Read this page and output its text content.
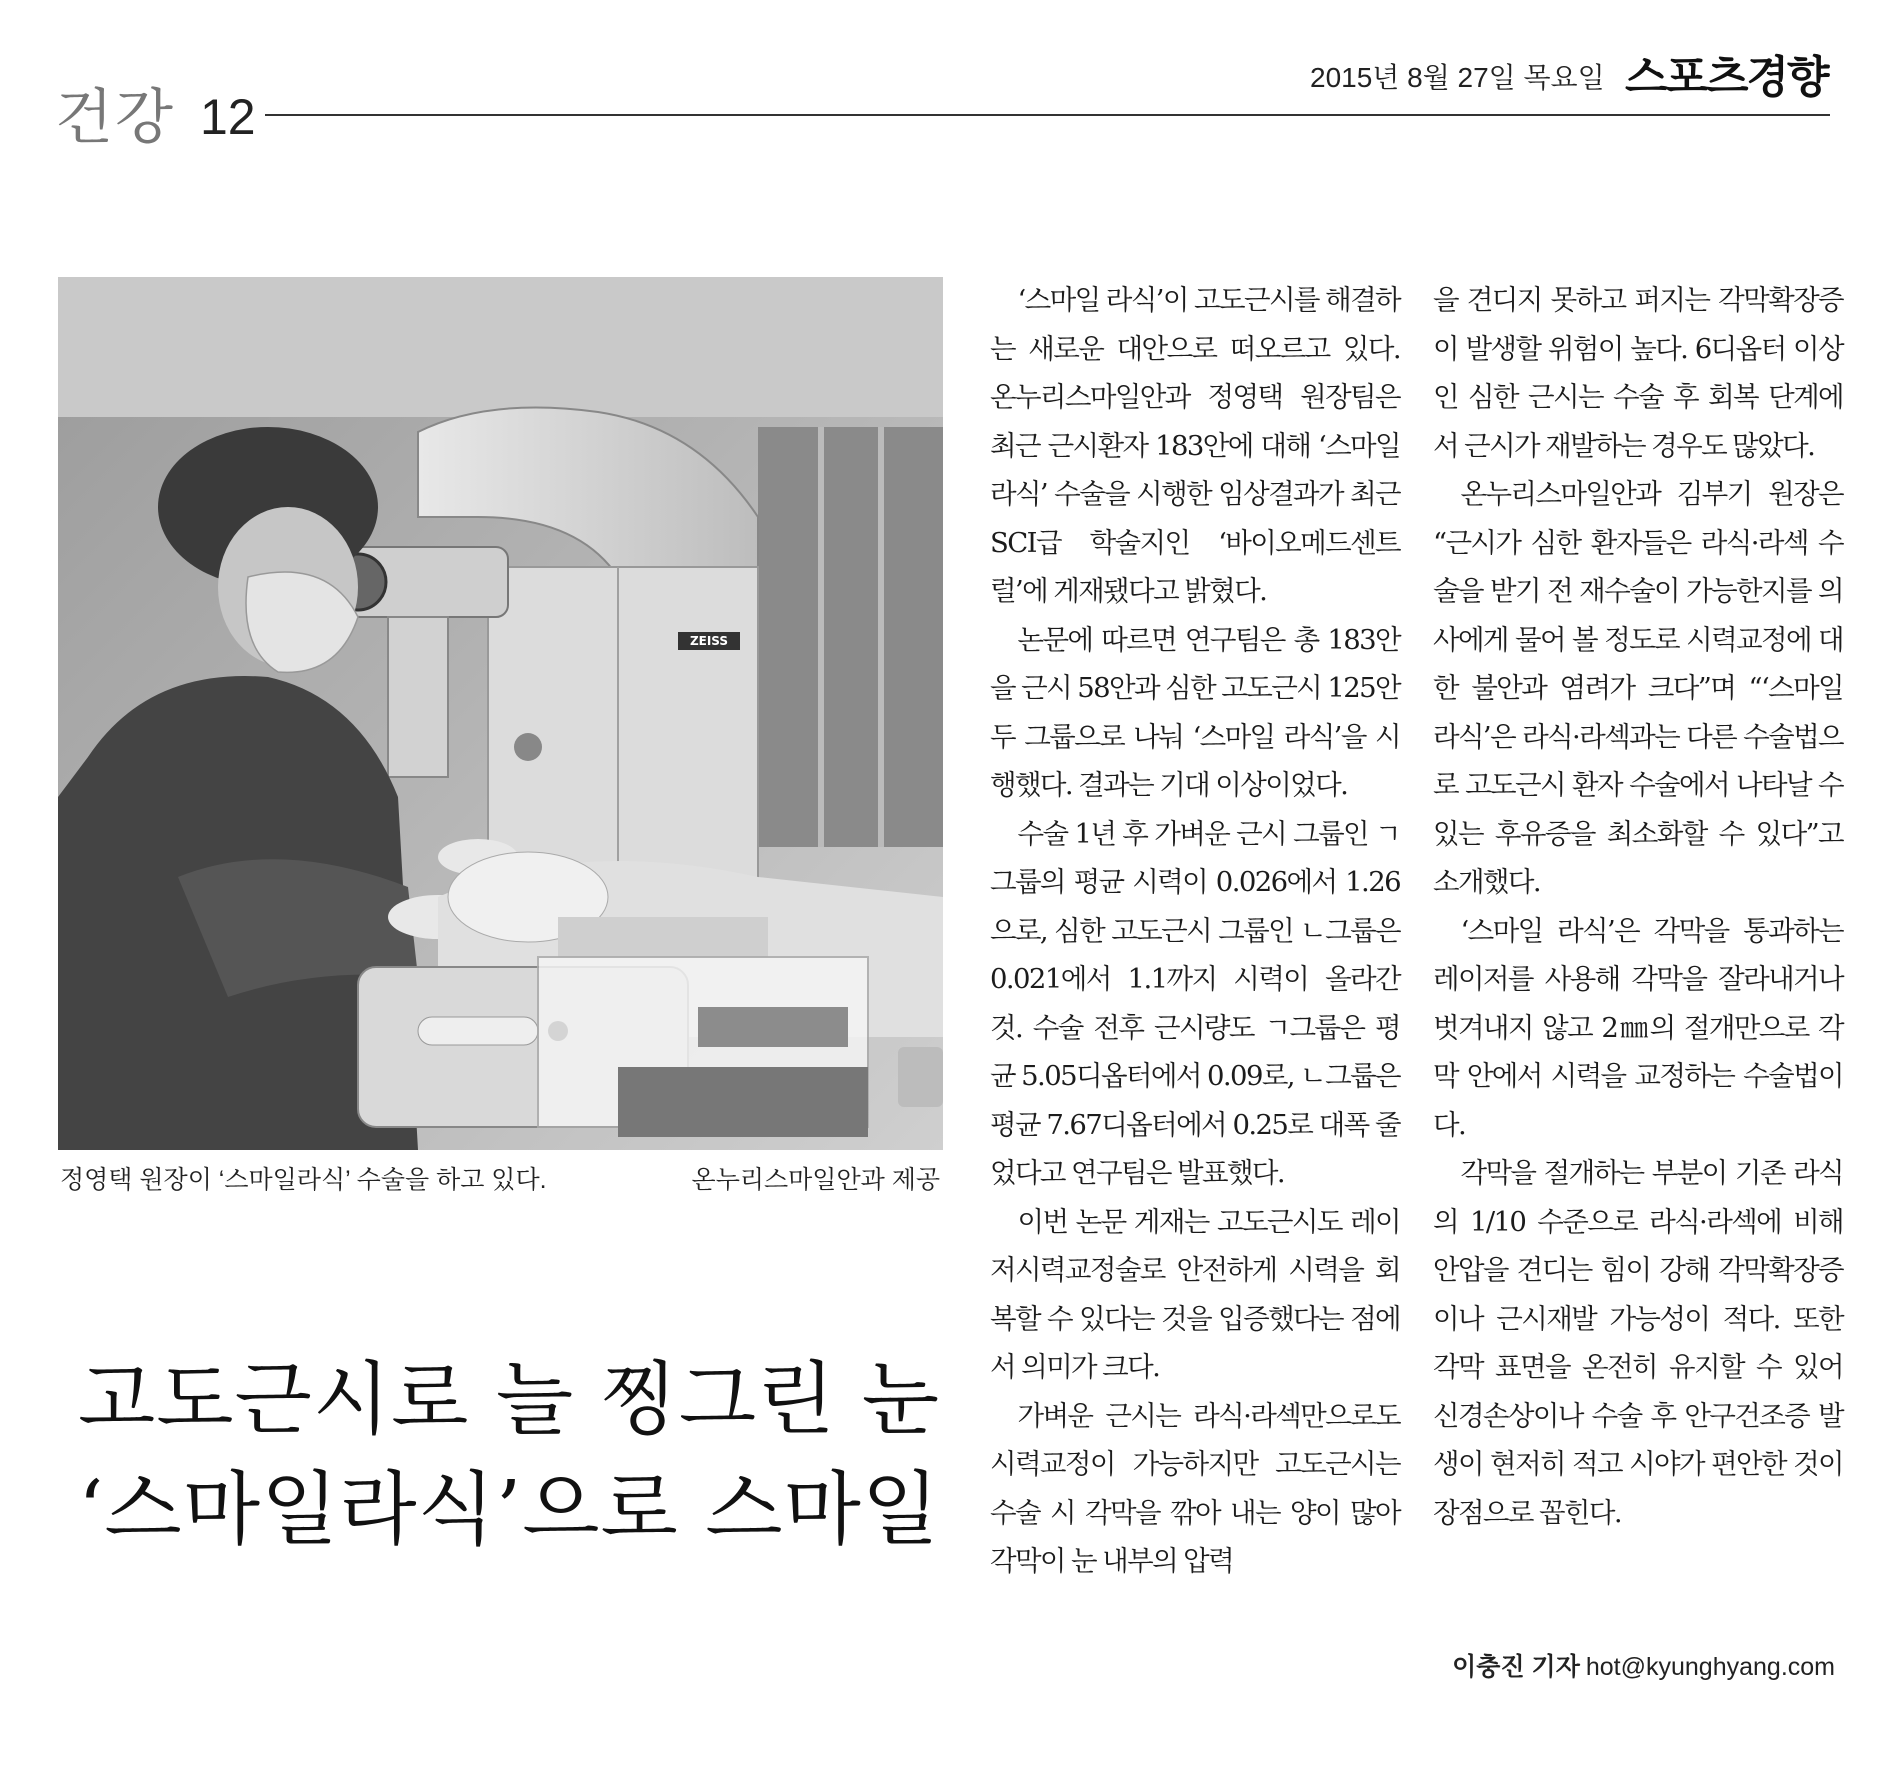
건강 12
2015년 8월 27일 목요일 스포츠경향
ZEISS
정영택 원장이 ‘스마일라식’ 수술을 하고 있다.	온누리스마일안과 제공
고도근시로 늘 찡그린 눈
‘스마일라식’으로 스마일

‘스마일 라식’이 고도근시를 해결하는 새로운 대안으로 떠오르고 있다. 온누리스마일안과 정영택 원장팀은 최근 근시환자 183안에 대해 ‘스마일 라식’ 수술을 시행한 임상결과가 최근 SCI급 학술지인 ‘바이오메드센트럴’에 게재됐다고 밝혔다.

논문에 따르면 연구팀은 총 183안을 근시 58안과 심한 고도근시 125안 두 그룹으로 나눠 ‘스마일 라식’을 시행했다. 결과는 기대 이상이었다.

수술 1년 후 가벼운 근시 그룹인 ㄱ그룹의 평균 시력이 0.026에서 1.26으로, 심한 고도근시 그룹인 ㄴ그룹은 0.021에서 1.1까지 시력이 올라간 것. 수술 전후 근시량도 ㄱ그룹은 평균 5.05디옵터에서 0.09로, ㄴ그룹은 평균 7.67디옵터에서 0.25로 대폭 줄었다고 연구팀은 발표했다.

이번 논문 게재는 고도근시도 레이저시력교정술로 안전하게 시력을 회복할 수 있다는 것을 입증했다는 점에서 의미가 크다.

가벼운 근시는 라식·라섹만으로도 시력교정이 가능하지만 고도근시는 수술 시 각막을 깎아 내는 양이 많아 각막이 눈 내부의 압력

을 견디지 못하고 퍼지는 각막확장증이 발생할 위험이 높다. 6디옵터 이상인 심한 근시는 수술 후 회복 단계에서 근시가 재발하는 경우도 많았다.

온누리스마일안과 김부기 원장은 “근시가 심한 환자들은 라식·라섹 수술을 받기 전 재수술이 가능한지를 의사에게 물어 볼 정도로 시력교정에 대한 불안과 염려가 크다”며 “‘스마일 라식’은 라식·라섹과는 다른 수술법으로 고도근시 환자 수술에서 나타날 수 있는 후유증을 최소화할 수 있다”고 소개했다.

‘스마일 라식’은 각막을 통과하는 레이저를 사용해 각막을 잘라내거나 벗겨내지 않고 2㎜의 절개만으로 각막 안에서 시력을 교정하는 수술법이다.

각막을 절개하는 부분이 기존 라식의 1/10 수준으로 라식·라섹에 비해 안압을 견디는 힘이 강해 각막확장증이나 근시재발 가능성이 적다. 또한 각막 표면을 온전히 유지할 수 있어 신경손상이나 수술 후 안구건조증 발생이 현저히 적고 시야가 편안한 것이 장점으로 꼽힌다.

이충진 기자 hot@kyunghyang.com
